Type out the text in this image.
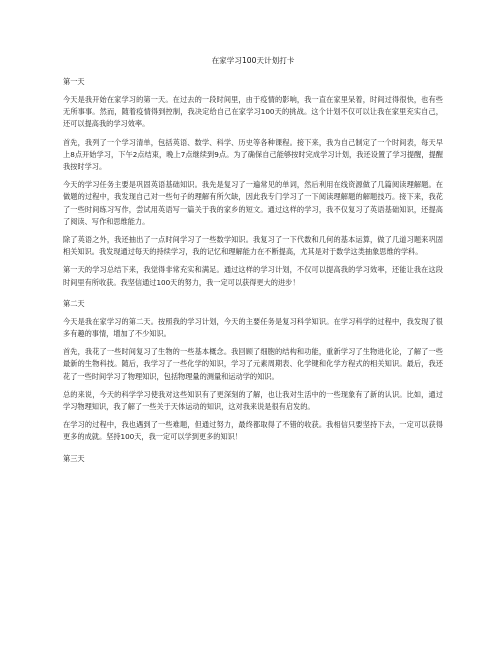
在家学习100天计划打卡
第一天

今天是我开始在家学习的第一天。在过去的一段时间里，由于疫情的影响，我一直在家里呆着，时间过得很快，也有些无所事事。然而，随着疫情得到控制，我决定给自己在家学习100天的挑战。这个计划不仅可以让我在家里充实自己，还可以提高我的学习效率。

首先，我列了一个学习清单，包括英语、数学、科学、历史等各种课程。接下来，我为自己制定了一个时间表，每天早上8点开始学习，下午2点结束，晚上7点继续到9点。为了确保自己能够按时完成学习计划，我还设置了学习提醒，提醒我按时学习。

今天的学习任务主要是巩固英语基础知识。我先是复习了一遍常见的单词，然后利用在线资源做了几篇阅读理解题。在做题的过程中，我发现自己对一些句子的理解有所欠缺，因此我专门学习了一下阅读理解题的解题技巧。接下来，我花了一些时间练习写作，尝试用英语写一篇关于我的家乡的短文。通过这样的学习，我不仅复习了英语基础知识，还提高了阅读、写作和思维能力。

除了英语之外，我还抽出了一点时间学习了一些数学知识。我复习了一下代数和几何的基本运算，做了几道习题来巩固相关知识。我发现通过每天的持续学习，我的记忆和理解能力在不断提高，尤其是对于数学这类抽象思维的学科。

第一天的学习总结下来，我觉得非常充实和满足。通过这样的学习计划，不仅可以提高我的学习效率，还能让我在这段时间里有所收获。我坚信通过100天的努力，我一定可以获得更大的进步！

第二天

今天是我在家学习的第二天。按照我的学习计划，今天的主要任务是复习科学知识。在学习科学的过程中，我发现了很多有趣的事情，增加了不少知识。

首先，我花了一些时间复习了生物的一些基本概念。我回顾了细胞的结构和功能，重新学习了生物进化论，了解了一些最新的生物科技。随后，我学习了一些化学的知识，学习了元素周期表、化学键和化学方程式的相关知识。最后，我还花了一些时间学习了物理知识，包括物理量的测量和运动学的知识。

总的来说，今天的科学学习使我对这些知识有了更深刻的了解，也让我对生活中的一些现象有了新的认识。比如，通过学习物理知识，我了解了一些关于天体运动的知识，这对我来说是很有启发的。

在学习的过程中，我也遇到了一些难题，但通过努力，最终都取得了不错的收获。我相信只要坚持下去，一定可以获得更多的成就。坚持100天，我一定可以学到更多的知识！

第三天
